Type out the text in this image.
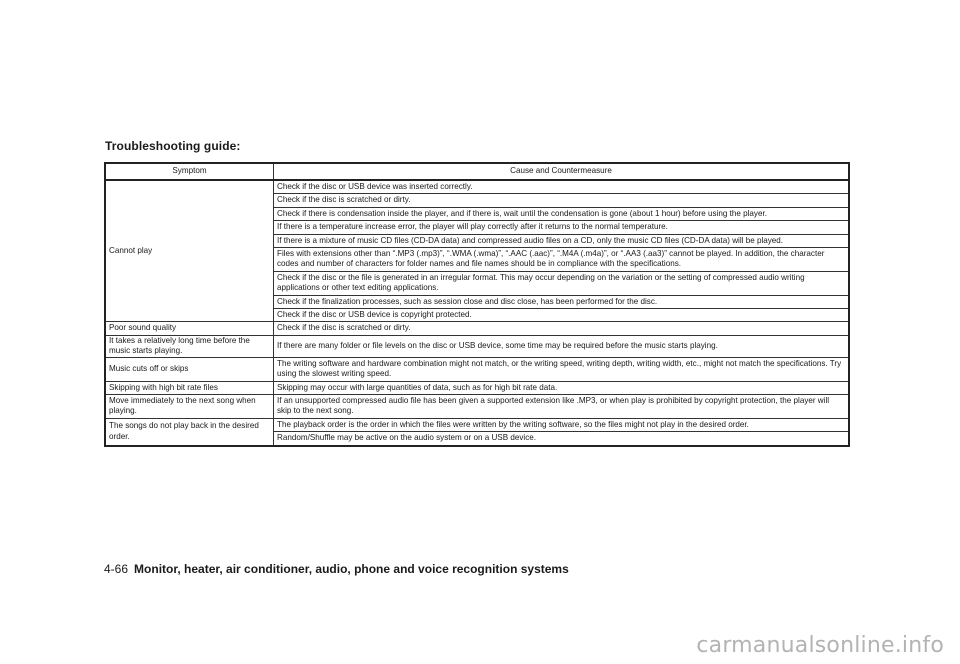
Troubleshooting guide:
Symptom	Cause and Countermeasure
Cannot play	Check if the disc or USB device was inserted correctly.
	Check if the disc is scratched or dirty.
	Check if there is condensation inside the player, and if there is, wait until the condensation is gone (about 1 hour) before using the player.
	If there is a temperature increase error, the player will play correctly after it returns to the normal temperature.
	If there is a mixture of music CD files (CD-DA data) and compressed audio files on a CD, only the music CD files (CD-DA data) will be played.
	Files with extensions other than “.MP3 (.mp3)”, “.WMA (.wma)”, “.AAC (.aac)”, “.M4A (.m4a)”, or “.AA3 (.aa3)” cannot be played. In addition, the character codes and number of characters for folder names and file names should be in compliance with the specifications.
	Check if the disc or the file is generated in an irregular format. This may occur depending on the variation or the setting of compressed audio writing applications or other text editing applications.
	Check if the finalization processes, such as session close and disc close, has been performed for the disc.
	Check if the disc or USB device is copyright protected.
Poor sound quality	Check if the disc is scratched or dirty.
It takes a relatively long time before the music starts playing.	If there are many folder or file levels on the disc or USB device, some time may be required before the music starts playing.
Music cuts off or skips	The writing software and hardware combination might not match, or the writing speed, writing depth, writing width, etc., might not match the specifications. Try using the slowest writing speed.
Skipping with high bit rate files	Skipping may occur with large quantities of data, such as for high bit rate data.
Move immediately to the next song when playing.	If an unsupported compressed audio file has been given a supported extension like .MP3, or when play is prohibited by copyright protection, the player will skip to the next song.
The songs do not play back in the desired order.	The playback order is the order in which the files were written by the writing software, so the files might not play in the desired order.
	Random/Shuffle may be active on the audio system or on a USB device.
4-66 Monitor, heater, air conditioner, audio, phone and voice recognition systems
carmanualsonline.info
